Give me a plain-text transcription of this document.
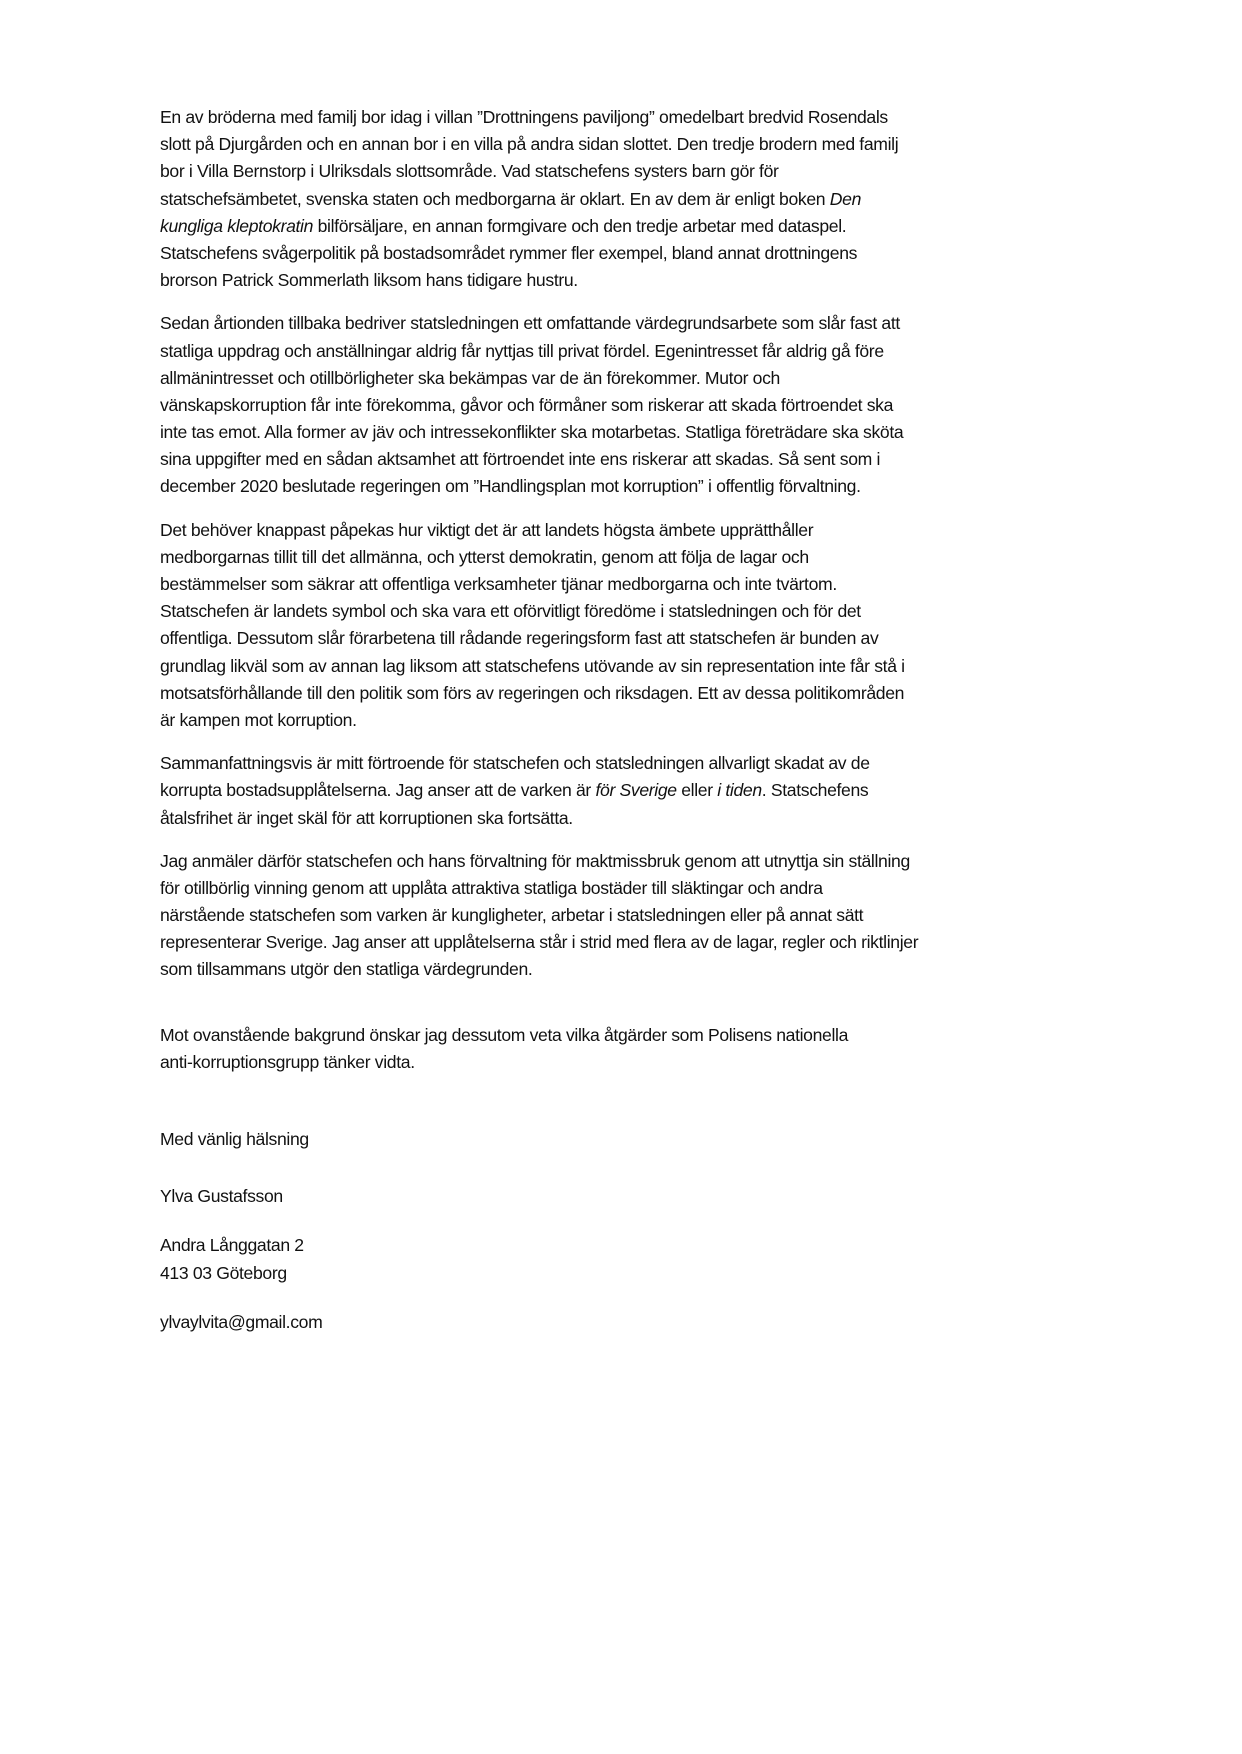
En av bröderna med familj bor idag i villan ”Drottningens paviljong” omedelbart bredvid Rosendals
slott på Djurgården och en annan bor i en villa på andra sidan slottet. Den tredje brodern med familj
bor i Villa Bernstorp i Ulriksdals slottsområde. Vad statschefens systers barn gör för
statschefsämbetet, svenska staten och medborgarna är oklart. En av dem är enligt boken Den
kungliga kleptokratin bilförsäljare, en annan formgivare och den tredje arbetar med dataspel.
Statschefens svågerpolitik på bostadsområdet rymmer fler exempel, bland annat drottningens
brorson Patrick Sommerlath liksom hans tidigare hustru.
Sedan årtionden tillbaka bedriver statsledningen ett omfattande värdegrundsarbete som slår fast att
statliga uppdrag och anställningar aldrig får nyttjas till privat fördel. Egenintresset får aldrig gå före
allmänintresset och otillbörligheter ska bekämpas var de än förekommer. Mutor och
vänskapskorruption får inte förekomma, gåvor och förmåner som riskerar att skada förtroendet ska
inte tas emot. Alla former av jäv och intressekonflikter ska motarbetas. Statliga företrädare ska sköta
sina uppgifter med en sådan aktsamhet att förtroendet inte ens riskerar att skadas. Så sent som i
december 2020 beslutade regeringen om ”Handlingsplan mot korruption” i offentlig förvaltning.
Det behöver knappast påpekas hur viktigt det är att landets högsta ämbete upprätthåller
medborgarnas tillit till det allmänna, och ytterst demokratin, genom att följa de lagar och
bestämmelser som säkrar att offentliga verksamheter tjänar medborgarna och inte tvärtom.
Statschefen är landets symbol och ska vara ett oförvitligt föredöme i statsledningen och för det
offentliga. Dessutom slår förarbetena till rådande regeringsform fast att statschefen är bunden av
grundlag likväl som av annan lag liksom att statschefens utövande av sin representation inte får stå i
motsatsförhållande till den politik som förs av regeringen och riksdagen. Ett av dessa politikområden
är kampen mot korruption.
Sammanfattningsvis är mitt förtroende för statschefen och statsledningen allvarligt skadat av de
korrupta bostadsupplåtelserna. Jag anser att de varken är för Sverige eller i tiden. Statschefens
åtalsfrihet är inget skäl för att korruptionen ska fortsätta.
Jag anmäler därför statschefen och hans förvaltning för maktmissbruk genom att utnyttja sin ställning
för otillbörlig vinning genom att upplåta attraktiva statliga bostäder till släktingar och andra
närstående statschefen som varken är kungligheter, arbetar i statsledningen eller på annat sätt
representerar Sverige. Jag anser att upplåtelserna står i strid med flera av de lagar, regler och riktlinjer
som tillsammans utgör den statliga värdegrunden.
Mot ovanstående bakgrund önskar jag dessutom veta vilka åtgärder som Polisens nationella
anti-korruptionsgrupp tänker vidta.
Med vänlig hälsning
Ylva Gustafsson
Andra Långgatan 2
413 03 Göteborg
ylvaylvita@gmail.com
